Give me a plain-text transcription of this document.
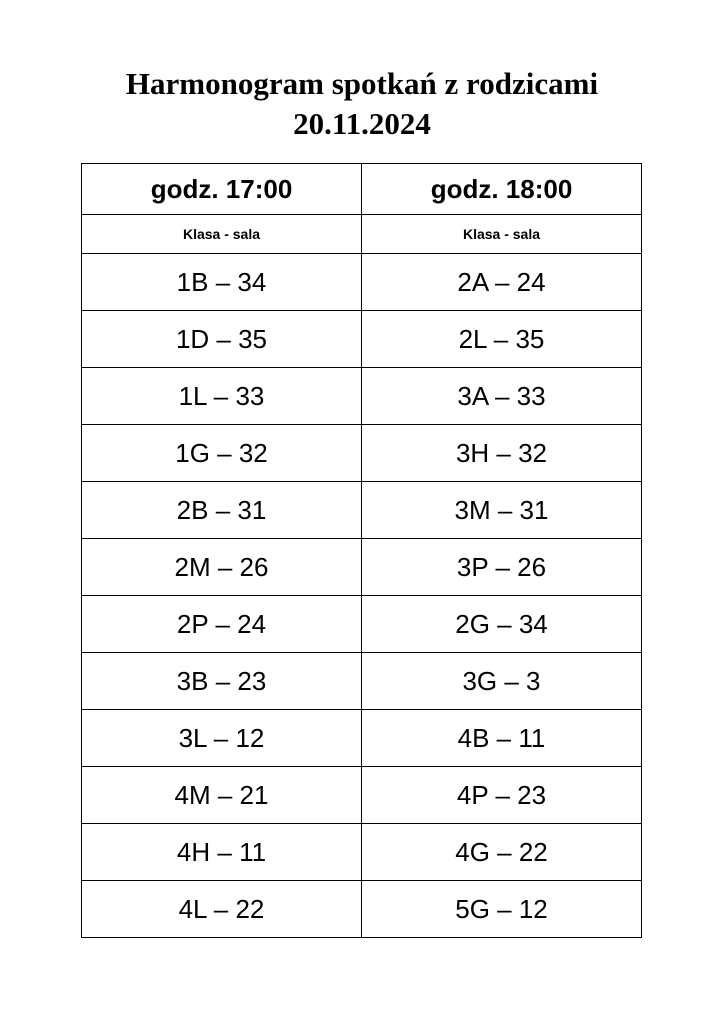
Harmonogram spotkań z rodzicami
20.11.2024
godz. 17:00	godz. 18:00
Klasa - sala	Klasa - sala
1B – 34	2A – 24
1D – 35	2L – 35
1L – 33	3A – 33
1G – 32	3H – 32
2B – 31	3M – 31
2M – 26	3P – 26
2P – 24	2G – 34
3B – 23	3G – 3
3L – 12	4B – 11
4M – 21	4P – 23
4H – 11	4G – 22
4L – 22	5G – 12
